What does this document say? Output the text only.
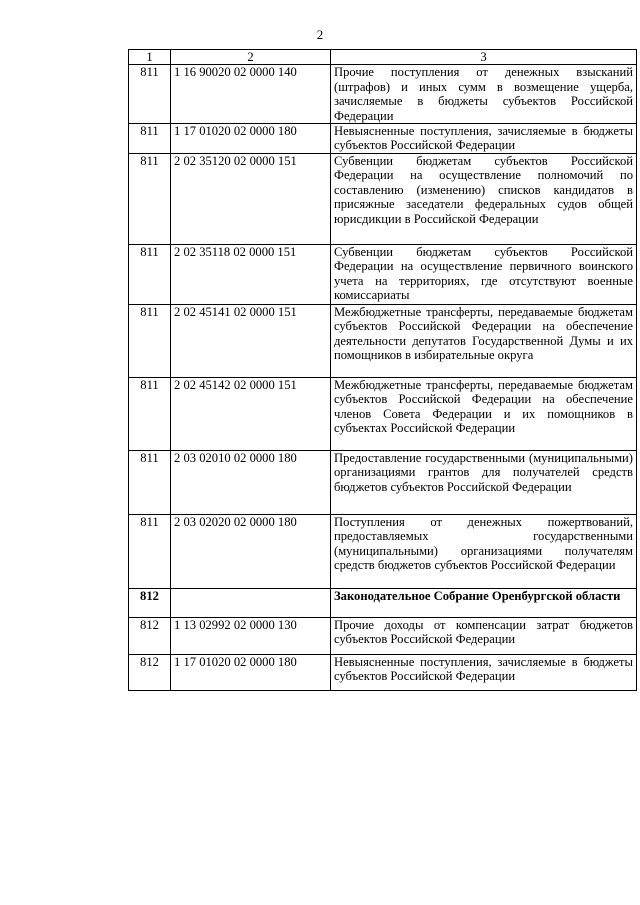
2
1	2	3
811	1 16 90020 02 0000 140	Прочие поступления от денежных взысканий (штрафов) и иных сумм в возмещение ущерба, зачисляемые в бюджеты субъектов Российской Федерации
811	1 17 01020 02 0000 180	Невыясненные поступления, зачисляемые в бюджеты субъектов Российской Федерации
811	2 02 35120 02 0000 151	Субвенции бюджетам субъектов Российской Федерации на осуществление полномочий по составлению (изменению) списков кандидатов в присяжные заседатели федеральных судов общей юрисдикции в Российской Федерации
811	2 02 35118 02 0000 151	Субвенции бюджетам субъектов Российской Федерации на осуществление первичного воинского учета на территориях, где отсутствуют военные комиссариаты
811	2 02 45141 02 0000 151	Межбюджетные трансферты, передаваемые бюджетам субъектов Российской Федерации на обеспечение деятельности депутатов Государственной Думы и их помощников в избирательные округа
811	2 02 45142 02 0000 151	Межбюджетные трансферты, передаваемые бюджетам субъектов Российской Федерации на обеспечение членов Совета Федерации и их помощников в субъектах Российской Федерации
811	2 03 02010 02 0000 180	Предоставление государственными (муниципальными) организациями грантов для получателей средств бюджетов субъектов Российской Федерации
811	2 03 02020 02 0000 180	Поступления от денежных пожертвований, предоставляемых государственными (муниципальными) организациями получателям средств бюджетов субъектов Российской Федерации
812		Законодательное Собрание Оренбургской области
812	1 13 02992 02 0000 130	Прочие доходы от компенсации затрат бюджетов субъектов Российской Федерации
812	1 17 01020 02 0000 180	Невыясненные поступления, зачисляемые в бюджеты субъектов Российской Федерации
